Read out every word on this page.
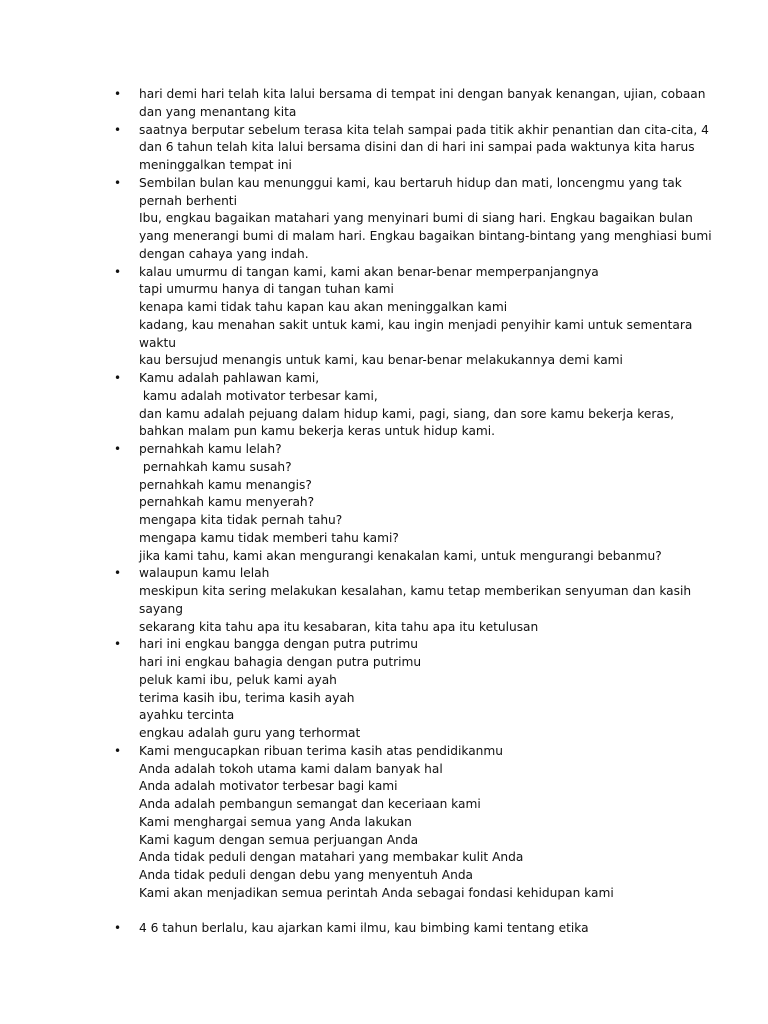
• hari demi hari telah kita lalui bersama di tempat ini dengan banyak kenangan, ujian, cobaan
dan yang menantang kita
• saatnya berputar sebelum terasa kita telah sampai pada titik akhir penantian dan cita-cita, 4
dan 6 tahun telah kita lalui bersama disini dan di hari ini sampai pada waktunya kita harus
meninggalkan tempat ini
• Sembilan bulan kau menunggui kami, kau bertaruh hidup dan mati, loncengmu yang tak
pernah berhenti
Ibu, engkau bagaikan matahari yang menyinari bumi di siang hari. Engkau bagaikan bulan
yang menerangi bumi di malam hari. Engkau bagaikan bintang-bintang yang menghiasi bumi
dengan cahaya yang indah.
• kalau umurmu di tangan kami, kami akan benar-benar memperpanjangnya
tapi umurmu hanya di tangan tuhan kami
kenapa kami tidak tahu kapan kau akan meninggalkan kami
kadang, kau menahan sakit untuk kami, kau ingin menjadi penyihir kami untuk sementara
waktu
kau bersujud menangis untuk kami, kau benar-benar melakukannya demi kami
• Kamu adalah pahlawan kami,
kamu adalah motivator terbesar kami,
dan kamu adalah pejuang dalam hidup kami, pagi, siang, dan sore kamu bekerja keras,
bahkan malam pun kamu bekerja keras untuk hidup kami.
• pernahkah kamu lelah?
pernahkah kamu susah?
pernahkah kamu menangis?
pernahkah kamu menyerah?
mengapa kita tidak pernah tahu?
mengapa kamu tidak memberi tahu kami?
jika kami tahu, kami akan mengurangi kenakalan kami, untuk mengurangi bebanmu?
• walaupun kamu lelah
meskipun kita sering melakukan kesalahan, kamu tetap memberikan senyuman dan kasih
sayang
sekarang kita tahu apa itu kesabaran, kita tahu apa itu ketulusan
• hari ini engkau bangga dengan putra putrimu
hari ini engkau bahagia dengan putra putrimu
peluk kami ibu, peluk kami ayah
terima kasih ibu, terima kasih ayah
ayahku tercinta
engkau adalah guru yang terhormat
• Kami mengucapkan ribuan terima kasih atas pendidikanmu
Anda adalah tokoh utama kami dalam banyak hal
Anda adalah motivator terbesar bagi kami
Anda adalah pembangun semangat dan keceriaan kami
Kami menghargai semua yang Anda lakukan
Kami kagum dengan semua perjuangan Anda
Anda tidak peduli dengan matahari yang membakar kulit Anda
Anda tidak peduli dengan debu yang menyentuh Anda
Kami akan menjadikan semua perintah Anda sebagai fondasi kehidupan kami
• 4 6 tahun berlalu, kau ajarkan kami ilmu, kau bimbing kami tentang etika
